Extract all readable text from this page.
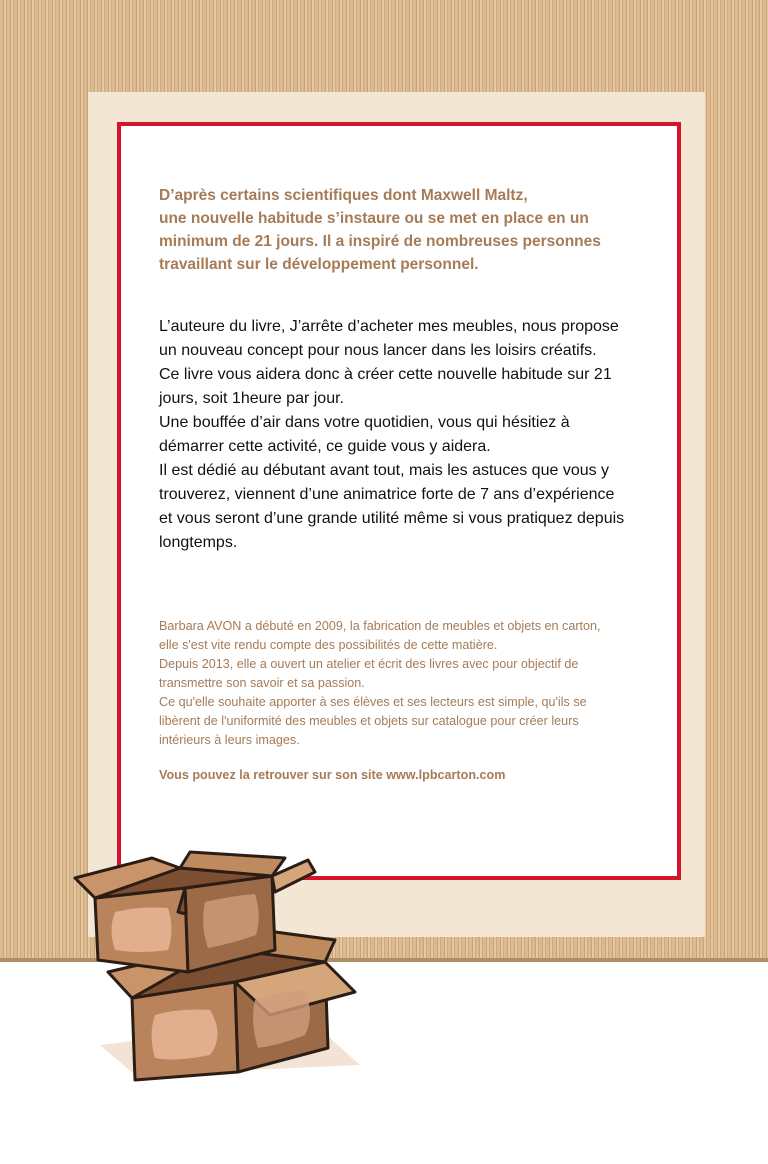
D’après certains scientifiques dont Maxwell Maltz,
une nouvelle habitude s’instaure ou se met en place en un
minimum de 21 jours. Il a inspiré de nombreuses personnes
travaillant sur le développement personnel.

L’auteure du livre, J’arrête d’acheter mes meubles, nous propose
un nouveau concept pour nous lancer dans les loisirs créatifs.
Ce livre vous aidera donc à créer cette nouvelle habitude sur 21
jours, soit 1heure par jour.
Une bouffée d’air dans votre quotidien, vous qui hésitiez à
démarrer cette activité, ce guide vous y aidera.
Il est dédié au débutant avant tout, mais les astuces que vous y
trouverez, viennent d’une animatrice forte de 7 ans d’expérience
et vous seront d’une grande utilité même si vous pratiquez depuis
longtemps.

Barbara AVON a débuté en 2009, la fabrication de meubles et objets en carton,
elle s'est vite rendu compte des possibilités de cette matière.
Depuis 2013, elle a ouvert un atelier et écrit des livres avec pour objectif de
transmettre son savoir et sa passion.
Ce qu'elle souhaite apporter à ses élèves et ses lecteurs est simple, qu'ils se
libèrent de l'uniformité des meubles et objets sur catalogue pour créer leurs
intérieurs à leurs images.

Vous pouvez la retrouver sur son site www.lpbcarton.com
